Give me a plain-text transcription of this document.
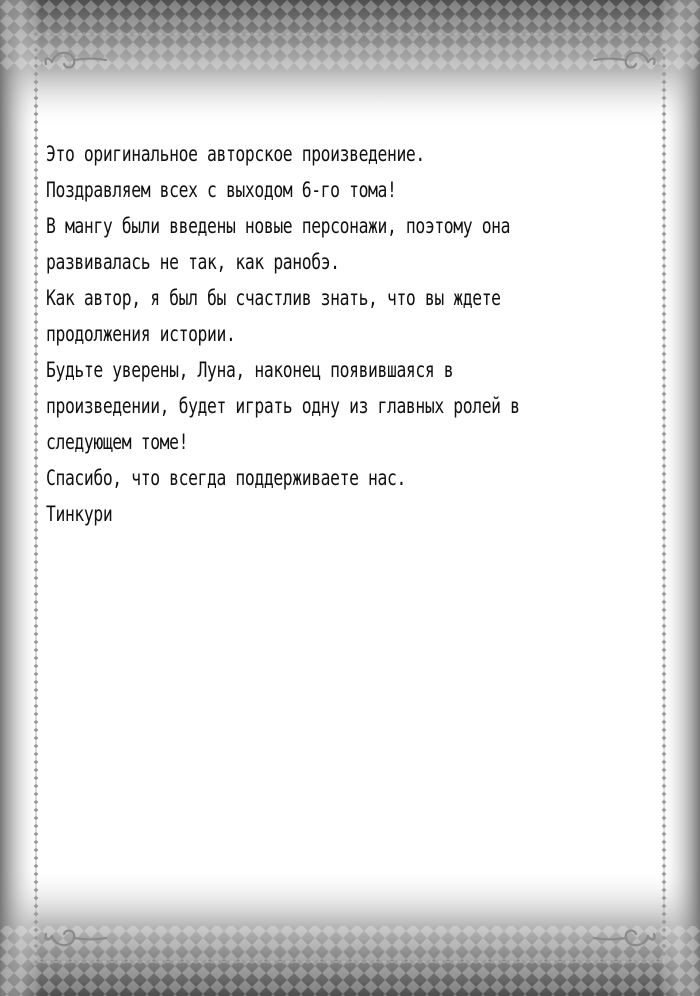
Это оригинальное авторское произведение.
Поздравляем всех с выходом 6-го тома!
В мангу были введены новые персонажи, поэтому она
развивалась не так, как ранобэ.
Как автор, я был бы счастлив знать, что вы ждете
продолжения истории.
Будьте уверены, Луна, наконец появившаяся в
произведении, будет играть одну из главных ролей в
следующем томе!
Спасибо, что всегда поддерживаете нас.
Тинкури
